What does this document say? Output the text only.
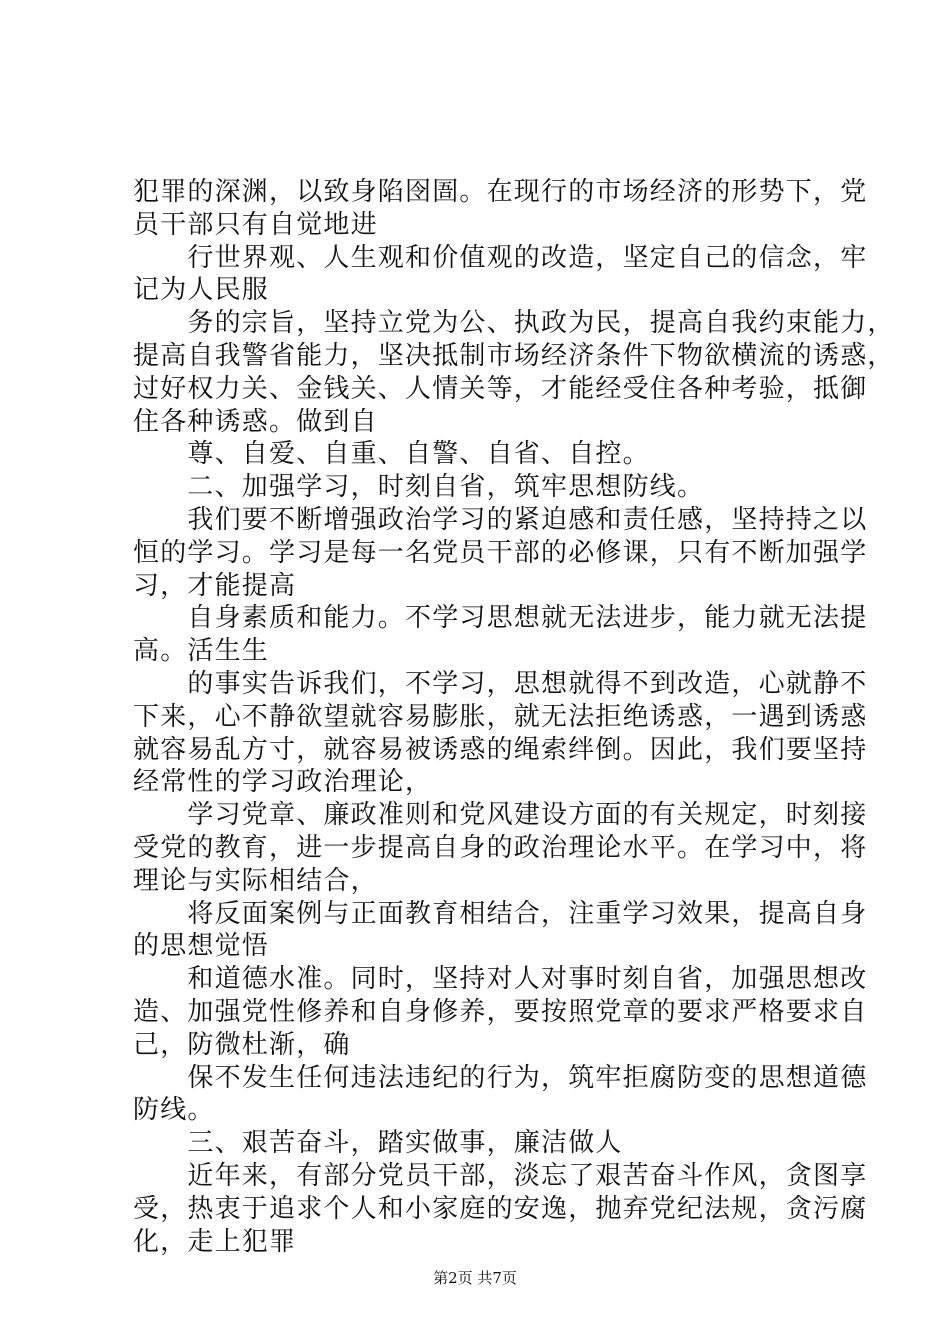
犯罪的深渊，以致身陷囹圄。在现行的市场经济的形势下，党
员干部只有自觉地进
行世界观、人生观和价值观的改造，坚定自己的信念，牢
记为人民服
务的宗旨，坚持立党为公、执政为民，提高自我约束能力，
提高自我警省能力，坚决抵制市场经济条件下物欲横流的诱惑，
过好权力关、金钱关、人情关等，才能经受住各种考验，抵御
住各种诱惑。做到自
尊、自爱、自重、自警、自省、自控。
二、加强学习，时刻自省，筑牢思想防线。
我们要不断增强政治学习的紧迫感和责任感，坚持持之以
恒的学习。学习是每一名党员干部的必修课，只有不断加强学
习，才能提高
自身素质和能力。不学习思想就无法进步，能力就无法提
高。活生生
的事实告诉我们，不学习，思想就得不到改造，心就静不
下来，心不静欲望就容易膨胀，就无法拒绝诱惑，一遇到诱惑
就容易乱方寸，就容易被诱惑的绳索绊倒。因此，我们要坚持
经常性的学习政治理论，
学习党章、廉政准则和党风建设方面的有关规定，时刻接
受党的教育，进一步提高自身的政治理论水平。在学习中，将
理论与实际相结合，
将反面案例与正面教育相结合，注重学习效果，提高自身
的思想觉悟
和道德水准。同时，坚持对人对事时刻自省，加强思想改
造、加强党性修养和自身修养，要按照党章的要求严格要求自
己，防微杜渐，确
保不发生任何违法违纪的行为，筑牢拒腐防变的思想道德
防线。
三、艰苦奋斗，踏实做事，廉洁做人
近年来，有部分党员干部，淡忘了艰苦奋斗作风，贪图享
受，热衷于追求个人和小家庭的安逸，抛弃党纪法规，贪污腐
化，走上犯罪
第2页 共7页
